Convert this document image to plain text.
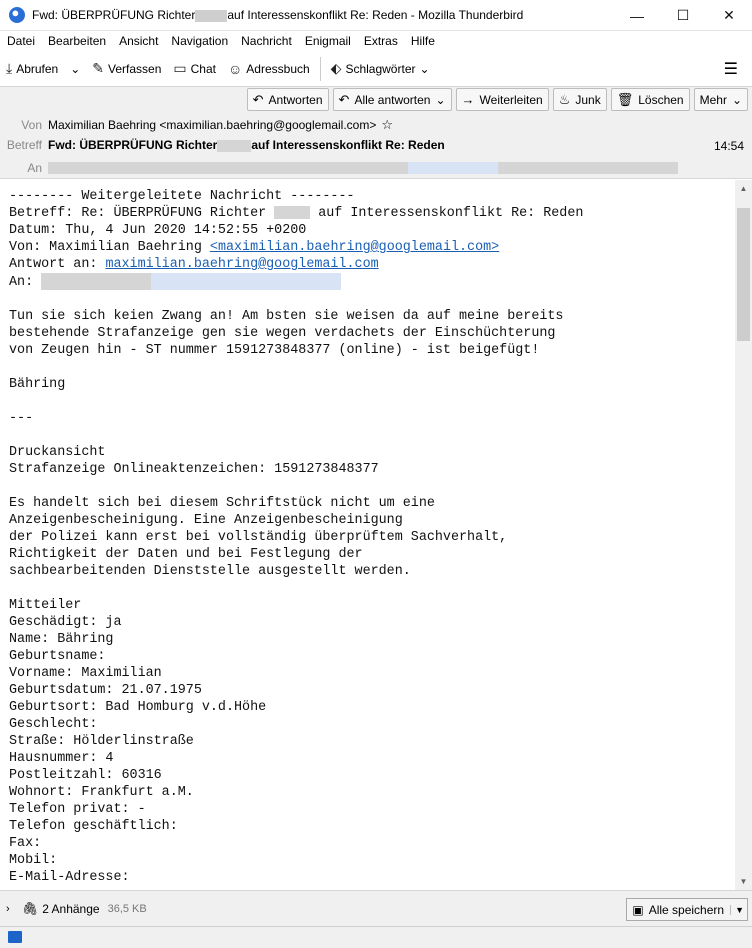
Fwd: ÜBERPRÜFUNG Richter	auf Interessenskonflikt Re: Reden - Mozilla Thunderbird	—	☐	✕
Datei	Bearbeiten	Ansicht	Navigation	Nachricht	Enigmail	Extras	Hilfe
⤓ Abrufen ⌄ ✎ Verfassen ▭ Chat ☺ Adressbuch ⬖ Schlagwörter ⌄	☰
↶ Antworten ↶ Alle antworten ⌄ → Weiterleiten ♨ Junk 🗑 Löschen Mehr ⌄
Von Maximilian Baehring <maximilian.baehring@googlemail.com> ☆
Betreff Fwd: ÜBERPRÜFUNG Richter	auf Interessenskonflikt Re: Reden	14:54
An
-------- Weitergeleitete Nachricht --------
Betreff: Re: ÜBERPRÜFUNG Richter	auf Interessenskonflikt Re: Reden
Datum: Thu, 4 Jun 2020 14:52:55 +0200
Von: Maximilian Baehring <maximilian.baehring@googlemail.com>
Antwort an: maximilian.baehring@googlemail.com
An:

Tun sie sich keien Zwang an! Am bsten sie weisen da auf meine bereits
bestehende Strafanzeige gen sie wegen verdachets der Einschüchterung
von Zeugen hin - ST nummer 1591273848377 (online) - ist beigefügt!

Bähring

---

Druckansicht
Strafanzeige Onlineaktenzeichen: 1591273848377

Es handelt sich bei diesem Schriftstück nicht um eine
Anzeigenbescheinigung. Eine Anzeigenbescheinigung
der Polizei kann erst bei vollständig überprüftem Sachverhalt,
Richtigkeit der Daten und bei Festlegung der
sachbearbeitenden Dienststelle ausgestellt werden.

Mitteiler
Geschädigt: ja
Name: Bähring
Geburtsname:
Vorname: Maximilian
Geburtsdatum: 21.07.1975
Geburtsort: Bad Homburg v.d.Höhe
Geschlecht:
Straße: Hölderlinstraße
Hausnummer: 4
Postleitzahl: 60316
Wohnort: Frankfurt a.M.
Telefon privat: -
Telefon geschäftlich:
Fax:
Mobil:
E-Mail-Adresse:
▲
▼
› 🖇 2 Anhänge 36,5 KB	▣ Alle speichern	▼
